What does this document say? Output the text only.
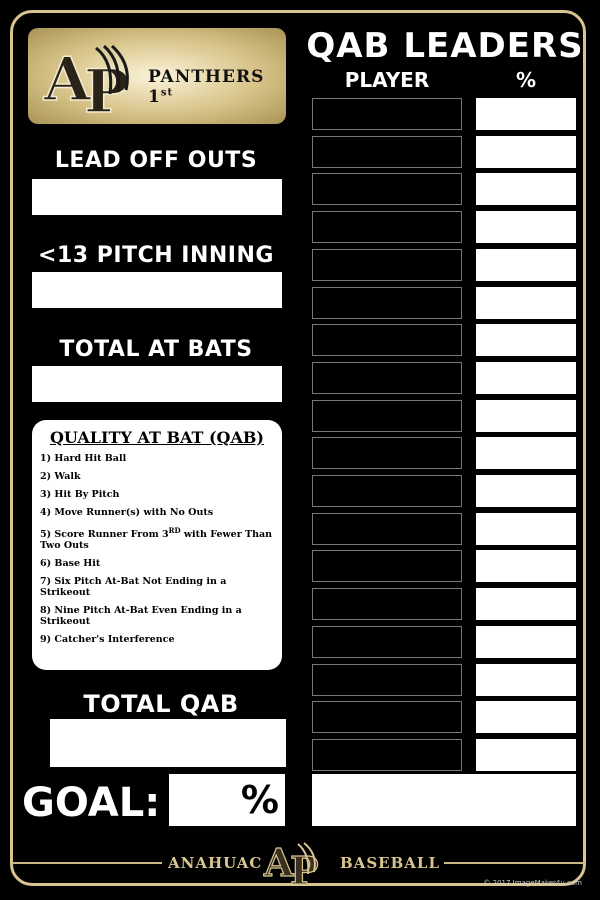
A
P PANTHERS 1st
QAB LEADERS
PLAYER	%
LEAD OFF OUTS
<13 PITCH INNING
TOTAL AT BATS
QUALITY AT BAT (QAB)
1) Hard Hit Ball
2) Walk
3) Hit By Pitch
4) Move Runner(s) with No Outs
5) Score Runner From 3RD with Fewer Than Two Outs
6) Base Hit
7) Six Pitch At-Bat Not Ending in a Strikeout
8) Nine Pitch At-Bat Even Ending in a Strikeout
9) Catcher's Interference
TOTAL QAB
GOAL:	%
ANAHUAC A
P BASEBALL
© 2017 ImageMaker4u.com
